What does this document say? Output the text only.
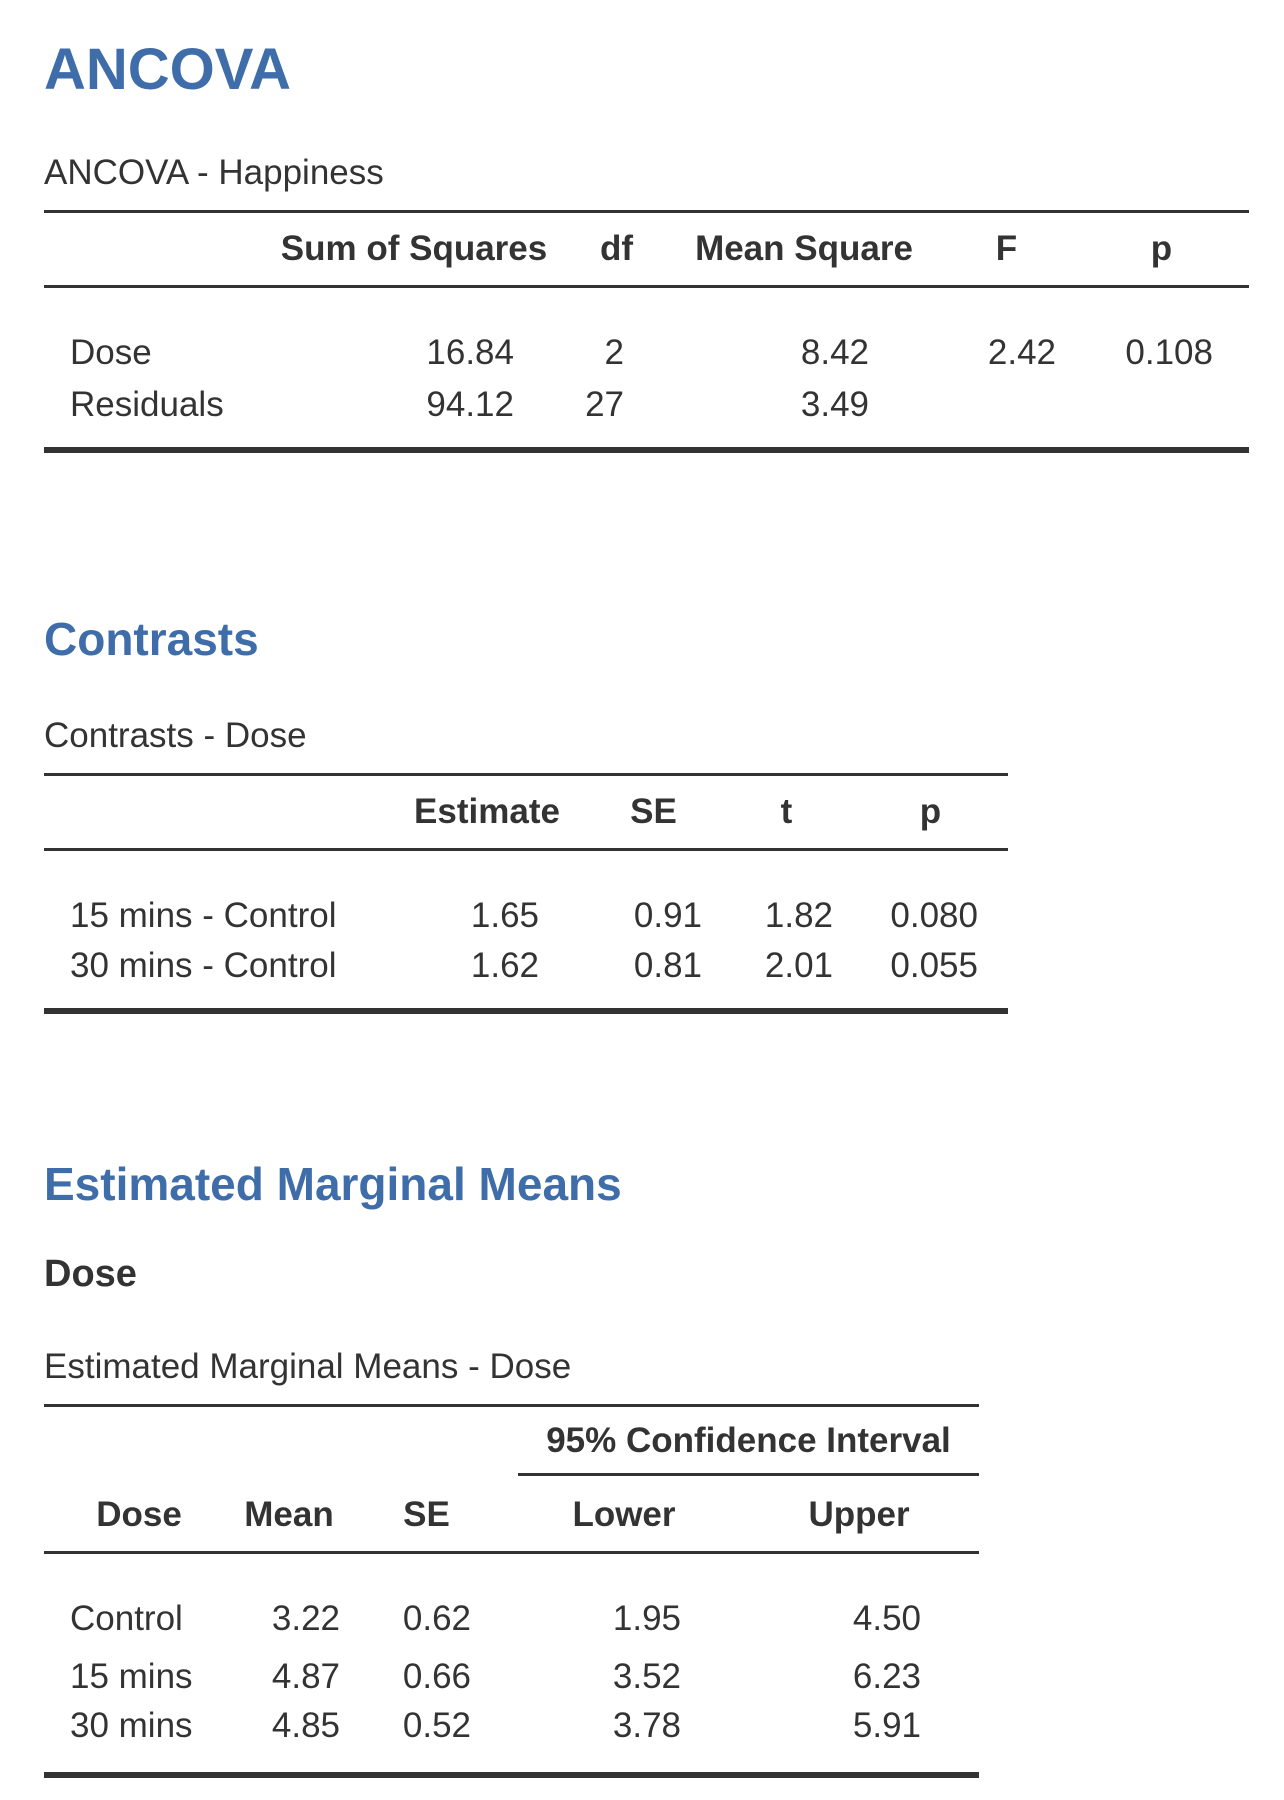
ANCOVA
ANCOVA - Happiness
	Sum of Squares	df	Mean Square	F	p
Dose	16.84	2	8.42	2.42	0.108
Residuals	94.12	27	3.49		

Contrasts
Contrasts - Dose
	Estimate	SE	t	p
15 mins - Control	1.65	0.91	1.82	0.080
30 mins - Control	1.62	0.81	2.01	0.055

Estimated Marginal Means
Dose
Estimated Marginal Means - Dose

			95% Confidence Interval	

Dose	Mean	SE	Lower	Upper
Control	3.22	0.62	1.95	4.50
15 mins	4.87	0.66	3.52	6.23
30 mins	4.85	0.52	3.78	5.91
